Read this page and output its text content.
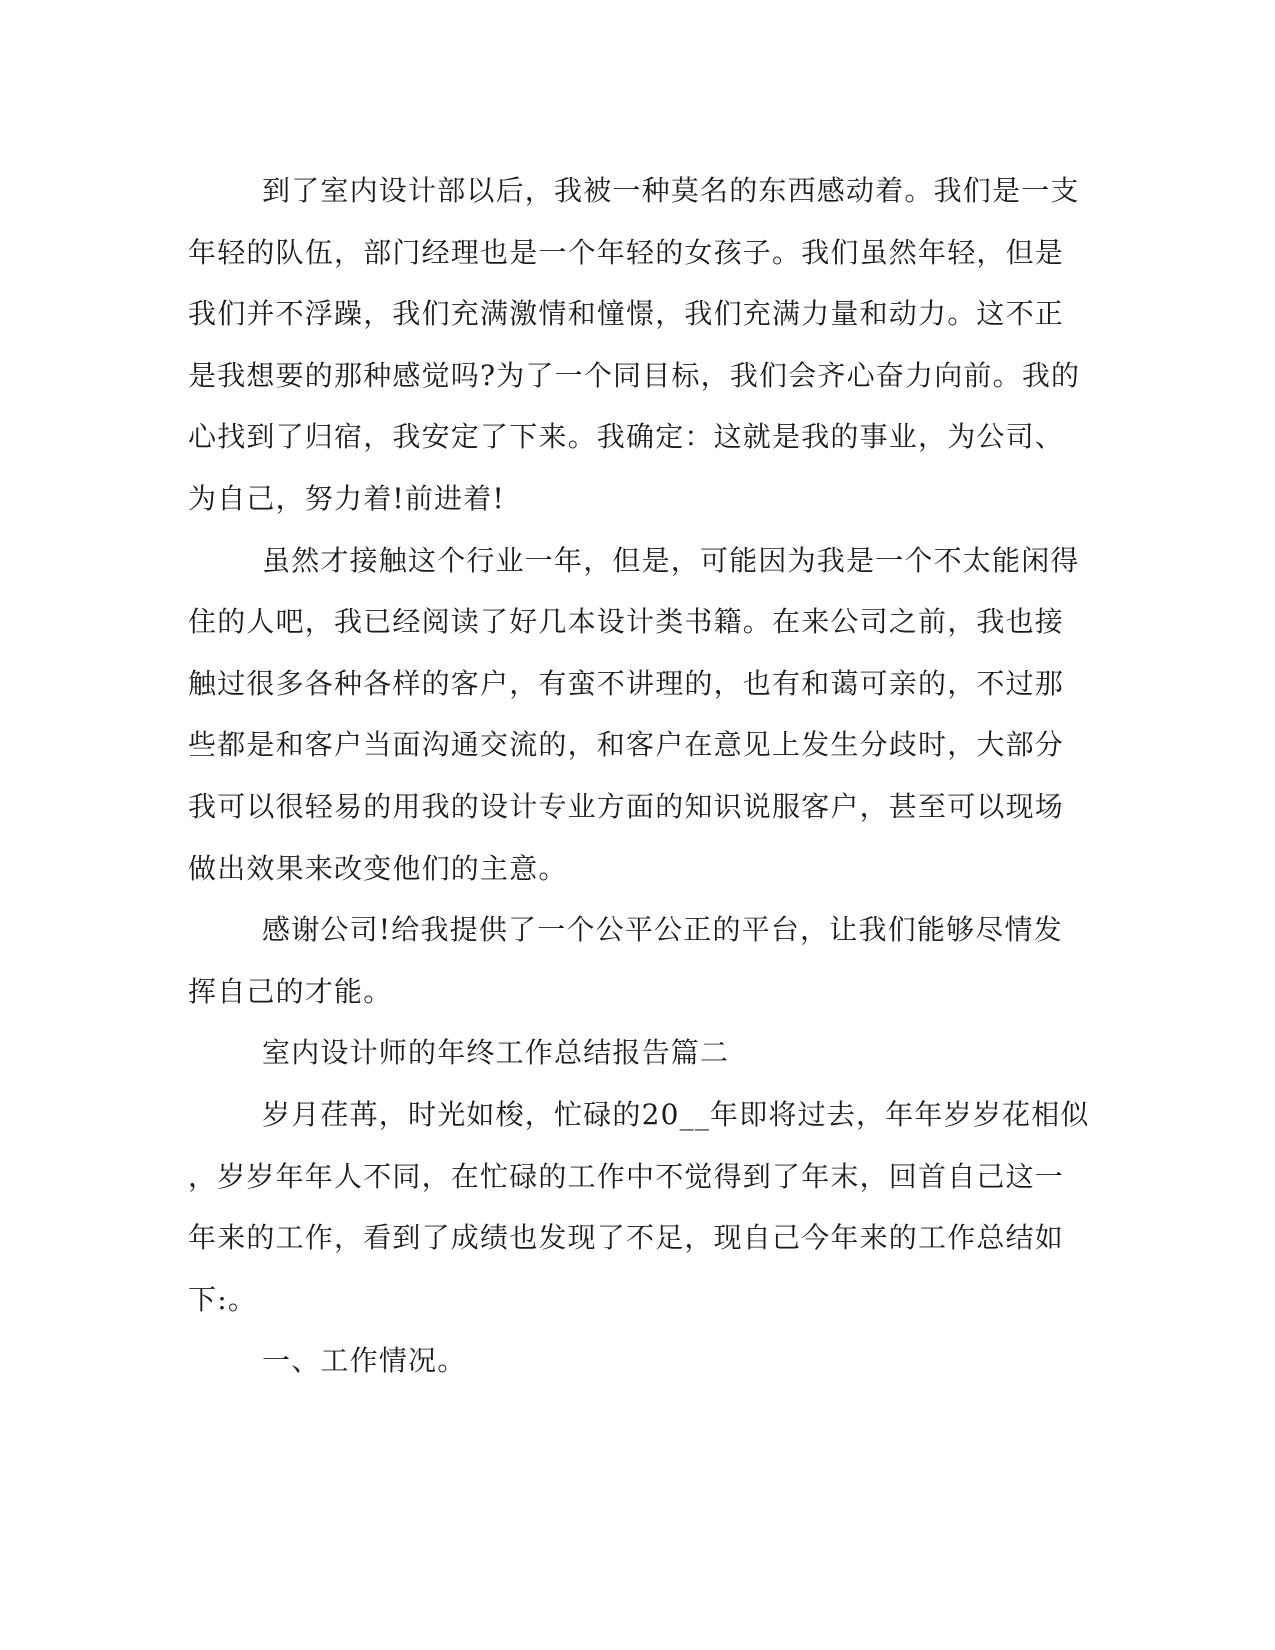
到了室内设计部以后，我被一种莫名的东西感动着。我们是一支
年轻的队伍，部门经理也是一个年轻的女孩子。我们虽然年轻，但是
我们并不浮躁，我们充满激情和憧憬，我们充满力量和动力。这不正
是我想要的那种感觉吗?为了一个同目标，我们会齐心奋力向前。我的
心找到了归宿，我安定了下来。我确定：这就是我的事业，为公司、
为自己，努力着!前进着!
虽然才接触这个行业一年，但是，可能因为我是一个不太能闲得
住的人吧，我已经阅读了好几本设计类书籍。在来公司之前，我也接
触过很多各种各样的客户，有蛮不讲理的，也有和蔼可亲的，不过那
些都是和客户当面沟通交流的，和客户在意见上发生分歧时，大部分
我可以很轻易的用我的设计专业方面的知识说服客户，甚至可以现场
做出效果来改变他们的主意。
感谢公司!给我提供了一个公平公正的平台，让我们能够尽情发
挥自己的才能。
室内设计师的年终工作总结报告篇二
岁月荏苒，时光如梭，忙碌的20__年即将过去，年年岁岁花相似
，岁岁年年人不同，在忙碌的工作中不觉得到了年末，回首自己这一
年来的工作，看到了成绩也发现了不足，现自己今年来的工作总结如
下:。
一、工作情况。
